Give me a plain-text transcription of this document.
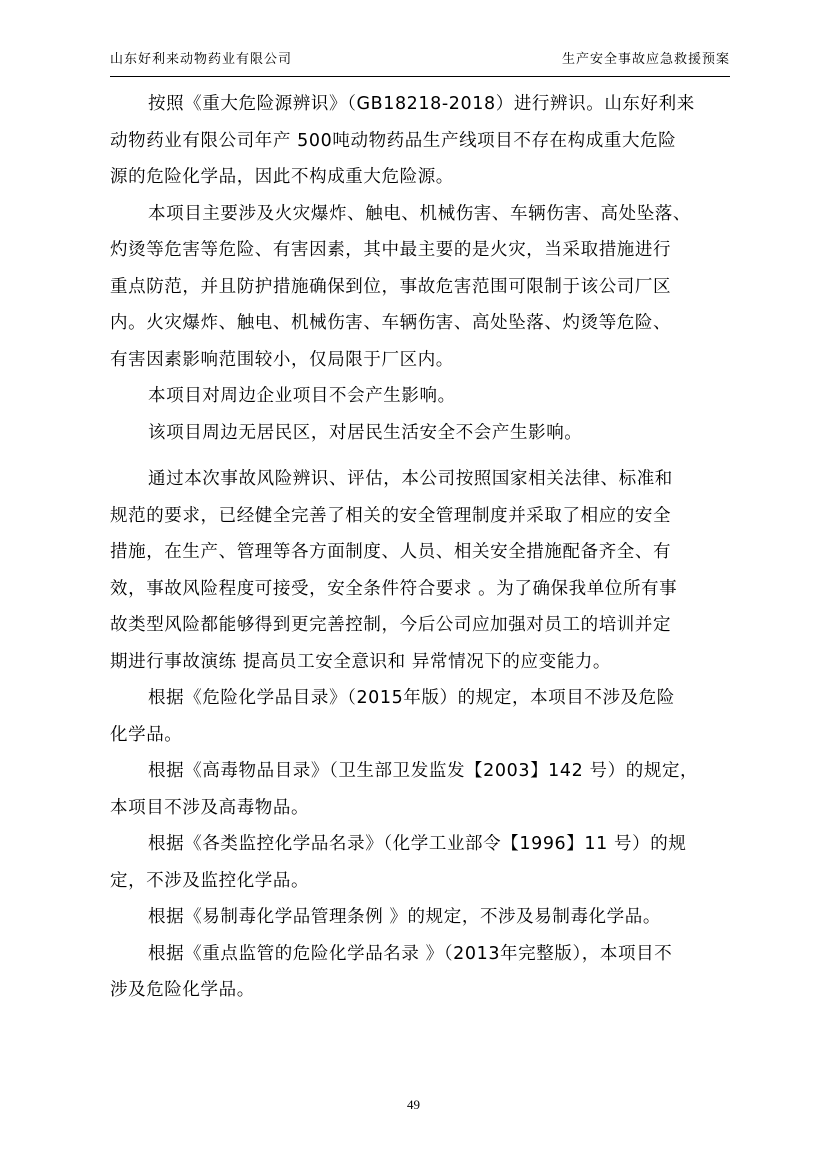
山东好利来动物药业有限公司	生产安全事故应急救援预案
按照《重大危险源辨识》（GB18218-2018）进行辨识。山东好利来
动物药业有限公司年产 500吨动物药品生产线项目不存在构成重大危险
源的危险化学品，因此不构成重大危险源。
本项目主要涉及火灾爆炸、触电、机械伤害、车辆伤害、高处坠落、
灼烫等危害等危险、有害因素，其中最主要的是火灾，当采取措施进行
重点防范，并且防护措施确保到位，事故危害范围可限制于该公司厂区
内。火灾爆炸、触电、机械伤害、车辆伤害、高处坠落、灼烫等危险、
有害因素影响范围较小，仅局限于厂区内。
本项目对周边企业项目不会产生影响。
该项目周边无居民区，对居民生活安全不会产生影响。
通过本次事故风险辨识、评估，本公司按照国家相关法律、标准和
规范的要求，已经健全完善了相关的安全管理制度并采取了相应的安全
措施，在生产、管理等各方面制度、人员、相关安全措施配备齐全、有
效，事故风险程度可接受，安全条件符合要求 。为了确保我单位所有事
故类型风险都能够得到更完善控制，今后公司应加强对员工的培训并定
期进行事故演练 提高员工安全意识和 异常情况下的应变能力。
根据《危险化学品目录》（2015年版）的规定，本项目不涉及危险
化学品。
根据《高毒物品目录》（卫生部卫发监发【2003】142 号）的规定，
本项目不涉及高毒物品。
根据《各类监控化学品名录》（化学工业部令【1996】11 号）的规
定，不涉及监控化学品。
根据《易制毒化学品管理条例 》的规定，不涉及易制毒化学品。
根据《重点监管的危险化学品名录 》（2013年完整版），本项目不
涉及危险化学品。
49
